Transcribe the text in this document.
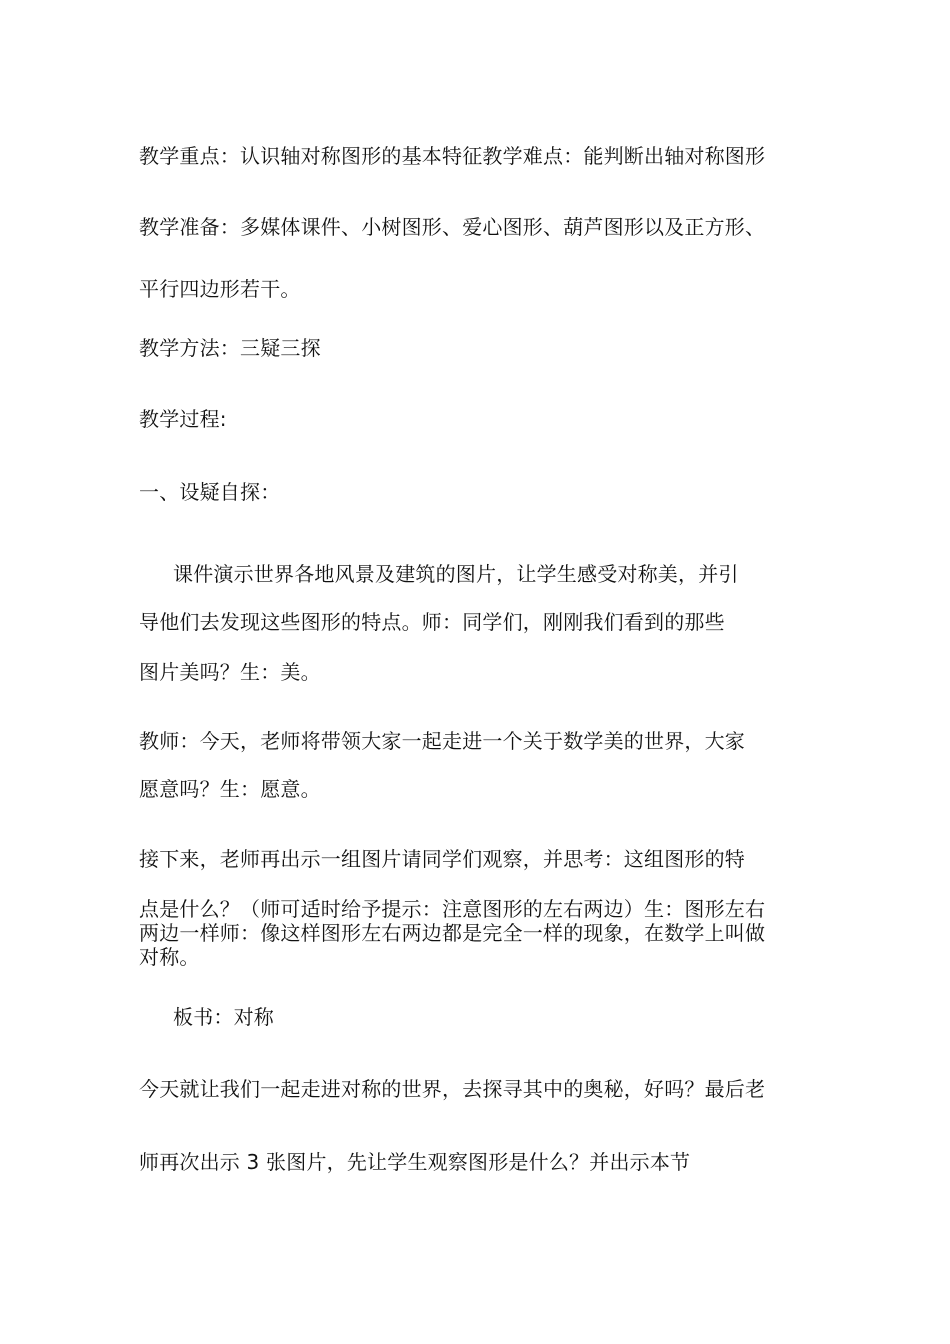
教学重点：认识轴对称图形的基本特征教学难点：能判断出轴对称图形
教学准备：多媒体课件、小树图形、爱心图形、葫芦图形以及正方形、
平行四边形若干。
教学方法：三疑三探
教学过程:
一、设疑自探：
课件演示世界各地风景及建筑的图片，让学生感受对称美，并引
导他们去发现这些图形的特点。师：同学们，刚刚我们看到的那些
图片美吗？生：美。
教师：今天，老师将带领大家一起走进一个关于数学美的世界，大家
愿意吗？生：愿意。
接下来，老师再出示一组图片请同学们观察，并思考：这组图形的特
点是什么？（师可适时给予提示：注意图形的左右两边）生：图形左右
两边一样师：像这样图形左右两边都是完全一样的现象，在数学上叫做
对称。
板书：对称
今天就让我们一起走进对称的世界，去探寻其中的奥秘，好吗？最后老
师再次出示 3 张图片，先让学生观察图形是什么？并出示本节
